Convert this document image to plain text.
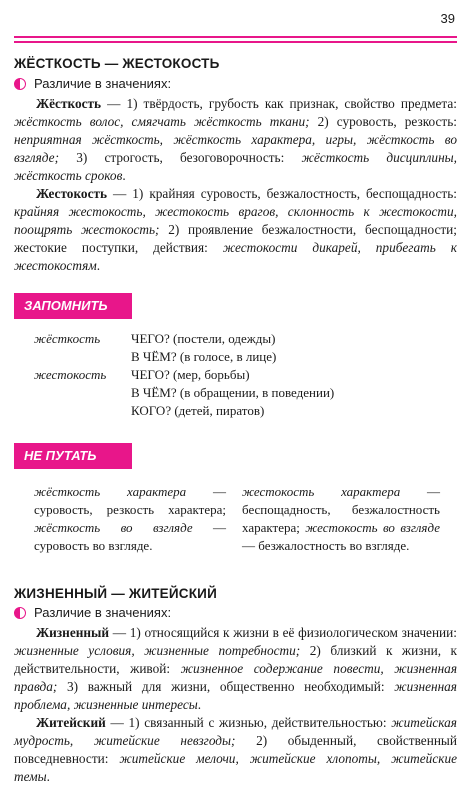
39
ЖЁСТКОСТЬ — ЖЕСТОКОСТЬ
Различие в значениях:
Жёсткость — 1) твёрдость, грубость как признак, свойство предмета: жёсткость волос, смягчать жёсткость ткани; 2) суровость, резкость: неприятная жёсткость, жёсткость характера, игры, жёсткость во взгляде; 3) строгость, безоговорочность: жёсткость дисциплины, жёсткость сроков.
Жестокость — 1) крайняя суровость, безжалостность, беспощадность: крайняя жестокость, жестокость врагов, склонность к жестокости, поощрять жестокость; 2) проявление безжалостности, беспощадности; жестокие поступки, действия: жестокости дикарей, прибегать к жестокостям.
ЗАПОМНИТЬ
жёсткость ЧЕГО? (постели, одежды)
В ЧЁМ? (в голосе, в лице)
жестокость ЧЕГО? (мер, борьбы)
В ЧЁМ? (в обращении, в поведении)
КОГО? (детей, пиратов)
НЕ ПУТАТЬ
жёсткость характера — суровость, резкость характера; жёсткость во взгляде — суровость во взгляде.
жестокость характера — беспощадность, безжалостность характера; жестокость во взгляде — безжалостность во взгляде.
ЖИЗНЕННЫЙ — ЖИТЕЙСКИЙ
Различие в значениях:
Жизненный — 1) относящийся к жизни в её физиологическом значении: жизненные условия, жизненные потребности; 2) близкий к жизни, к действительности, живой: жизненное содержание повести, жизненная правда; 3) важный для жизни, общественно необходимый: жизненная проблема, жизненные интересы.
Житейский — 1) связанный с жизнью, действительностью: житейская мудрость, житейские невзгоды; 2) обыденный, свойственный повседневности: житейские мелочи, житейские хлопоты, житейские темы.
